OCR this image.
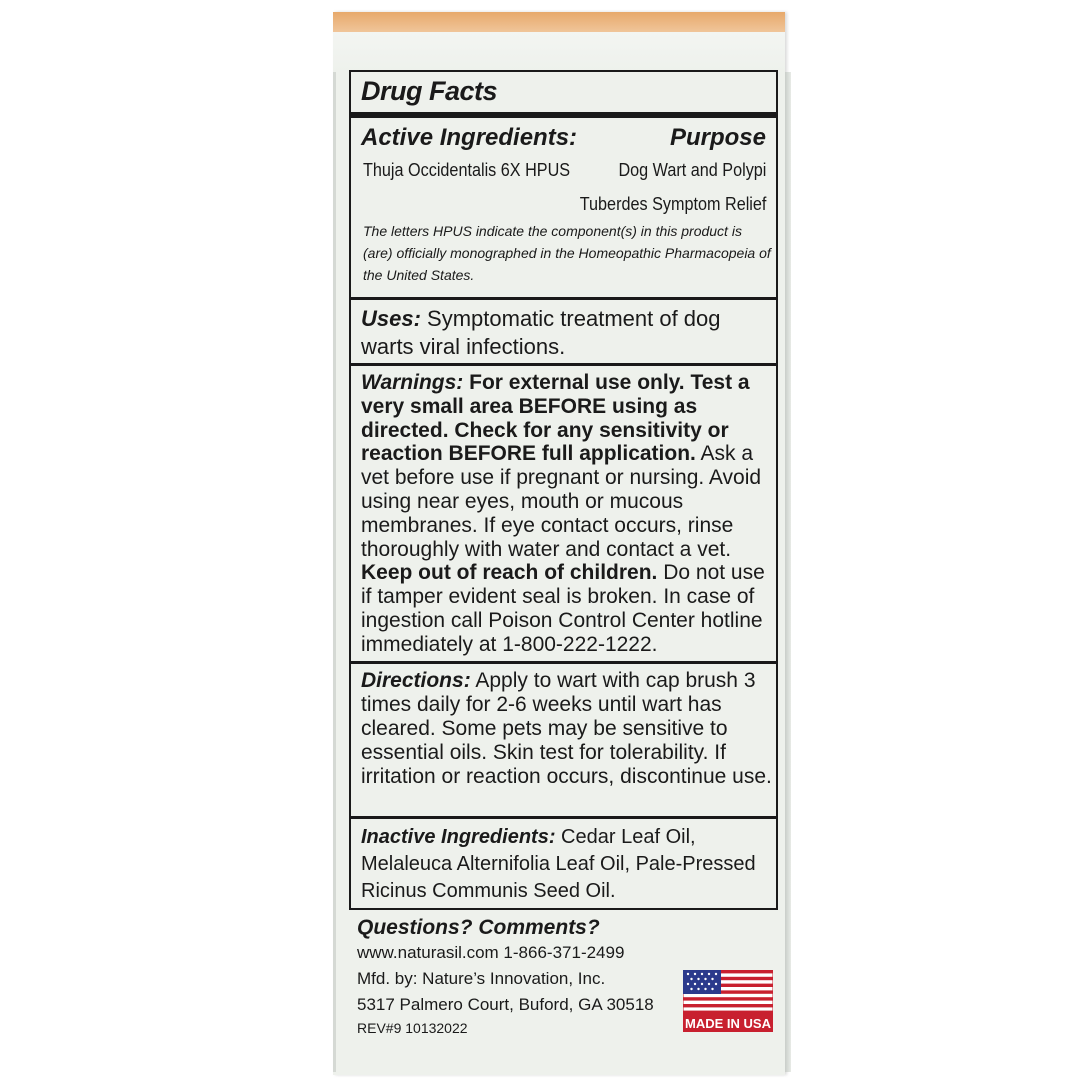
Drug Facts
Active Ingredients:	Purpose
Thuja Occidentalis 6X HPUS	Dog Wart and Polypi
Tuberdes Symptom Relief
The letters HPUS indicate the component(s) in this product is (are) officially monographed in the Homeopathic Pharmacopeia of the United States.
Uses: Symptomatic treatment of dog warts viral infections.
Warnings: For external use only. Test a very small area BEFORE using as directed. Check for any sensitivity or reaction BEFORE full application. Ask a vet before use if pregnant or nursing. Avoid using near eyes, mouth or mucous membranes. If eye contact occurs, rinse thoroughly with water and contact a vet. Keep out of reach of children. Do not use if tamper evident seal is broken. In case of ingestion call Poison Control Center hotline immediately at 1-800-222-1222.
Directions: Apply to wart with cap brush 3 times daily for 2-6 weeks until wart has cleared. Some pets may be sensitive to essential oils. Skin test for tolerability. If irritation or reaction occurs, discontinue use.
Inactive Ingredients: Cedar Leaf Oil, Melaleuca Alternifolia Leaf Oil, Pale-Pressed Ricinus Communis Seed Oil.
Questions? Comments?
www.naturasil.com 1-866-371-2499
Mfd. by: Nature’s Innovation, Inc.
5317 Palmero Court, Buford, GA 30518
REV#9 10132022	MADE IN USA
